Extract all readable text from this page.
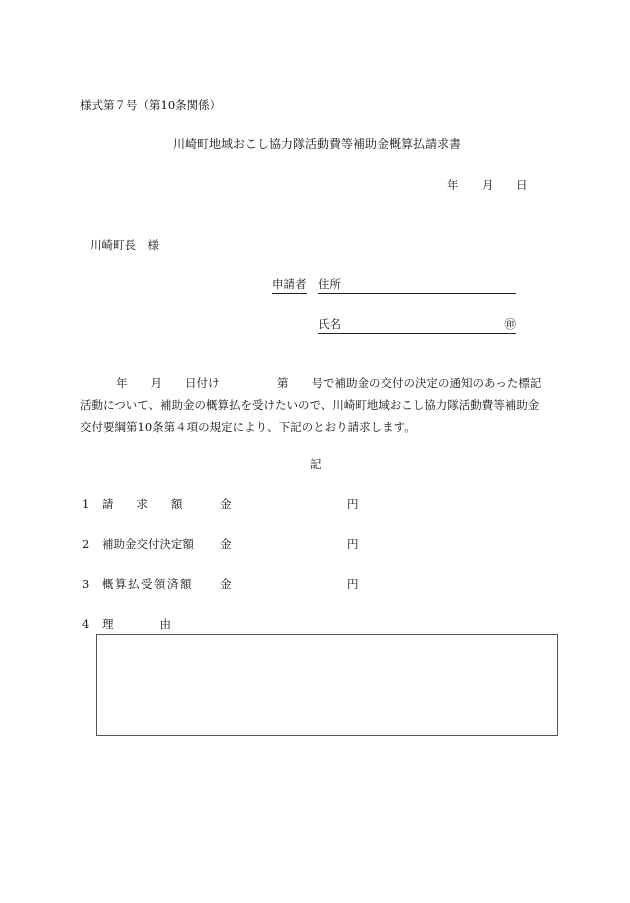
様式第７号（第10条関係）
川崎町地域おこし協力隊活動費等補助金概算払請求書
年 月 日
川崎町長　様
申請者 住所
氏名	㊞
年　　月　　日付け　　　　　第　　号で補助金の交付の決定の通知のあった標記
活動について、補助金の概算払を受けたいので、川崎町地域おこし協力隊活動費等補助金
交付要綱第10条第４項の規定により、下記のとおり請求します。
記
1 請　　求　　額	金	円
2 補助金交付決定額 金	円
3 概算払受領済額 金	円
4 理　　　　由
